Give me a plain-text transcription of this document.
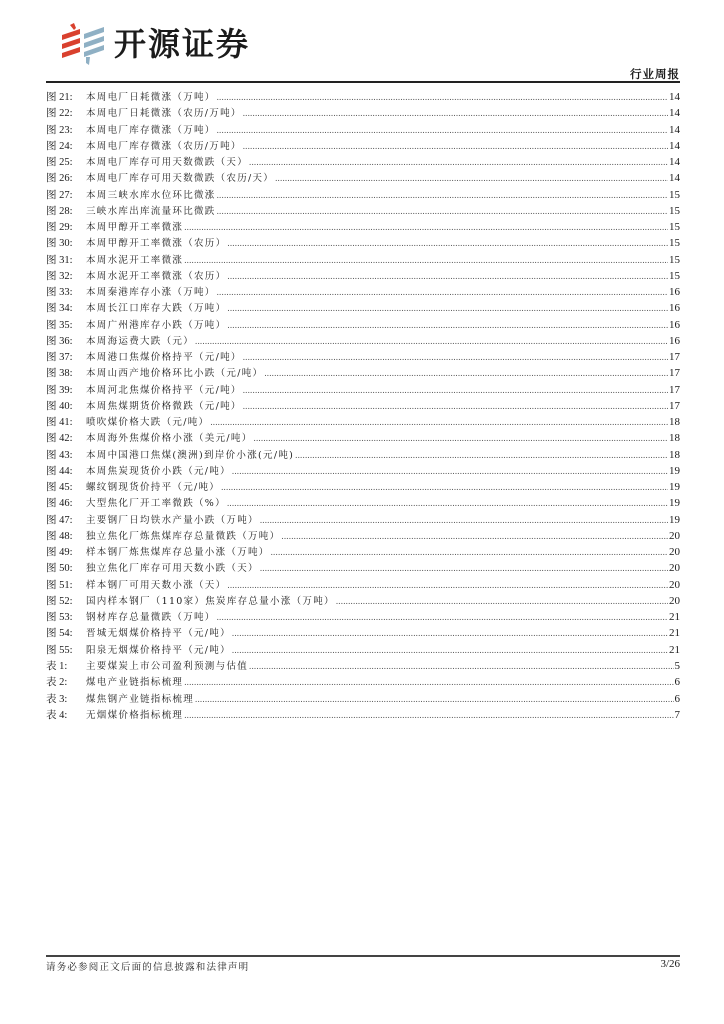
开源证券
行业周报
图 21:	本周电厂日耗微涨（万吨） .....	14
图 22:	本周电厂日耗微涨（农历/万吨） .....	14
图 23:	本周电厂库存微涨（万吨） .....	14
图 24:	本周电厂库存微涨（农历/万吨） .....	14
图 25:	本周电厂库存可用天数微跌（天） .....	14
图 26:	本周电厂库存可用天数微跌（农历/天） .....	14
图 27:	本周三峡水库水位环比微涨 .....	15
图 28:	三峡水库出库流量环比微跌 .....	15
图 29:	本周甲醇开工率微涨 .....	15
图 30:	本周甲醇开工率微涨（农历） .....	15
图 31:	本周水泥开工率微涨 .....	15
图 32:	本周水泥开工率微涨（农历） .....	15
图 33:	本周秦港库存小涨（万吨） .....	16
图 34:	本周长江口库存大跌（万吨） .....	16
图 35:	本周广州港库存小跌（万吨） .....	16
图 36:	本周海运费大跌（元） .....	16
图 37:	本周港口焦煤价格持平（元/吨） .....	17
图 38:	本周山西产地价格环比小跌（元/吨） .....	17
图 39:	本周河北焦煤价格持平（元/吨） .....	17
图 40:	本周焦煤期货价格微跌（元/吨） .....	17
图 41:	喷吹煤价格大跌（元/吨） .....	18
图 42:	本周海外焦煤价格小涨（美元/吨） .....	18
图 43:	本周中国港口焦煤(澳洲)到岸价小涨(元/吨) .....	18
图 44:	本周焦炭现货价小跌（元/吨） .....	19
图 45:	螺纹钢现货价持平（元/吨） .....	19
图 46:	大型焦化厂开工率微跌（%） .....	19
图 47:	主要钢厂日均铁水产量小跌（万吨） .....	19
图 48:	独立焦化厂炼焦煤库存总量微跌（万吨） .....	20
图 49:	样本钢厂炼焦煤库存总量小涨（万吨） .....	20
图 50:	独立焦化厂库存可用天数小跌（天） .....	20
图 51:	样本钢厂可用天数小涨（天） .....	20
图 52:	国内样本钢厂（110家）焦炭库存总量小涨（万吨） .....	20
图 53:	钢材库存总量微跌（万吨） .....	21
图 54:	晋城无烟煤价格持平（元/吨） .....	21
图 55:	阳泉无烟煤价格持平（元/吨） .....	21
表 1:	主要煤炭上市公司盈利预测与估值 .....	5
表 2:	煤电产业链指标梳理 .....	6
表 3:	煤焦钢产业链指标梳理 .....	6
表 4:	无烟煤价格指标梳理 .....	7
请务必参阅正文后面的信息披露和法律声明	3/26
